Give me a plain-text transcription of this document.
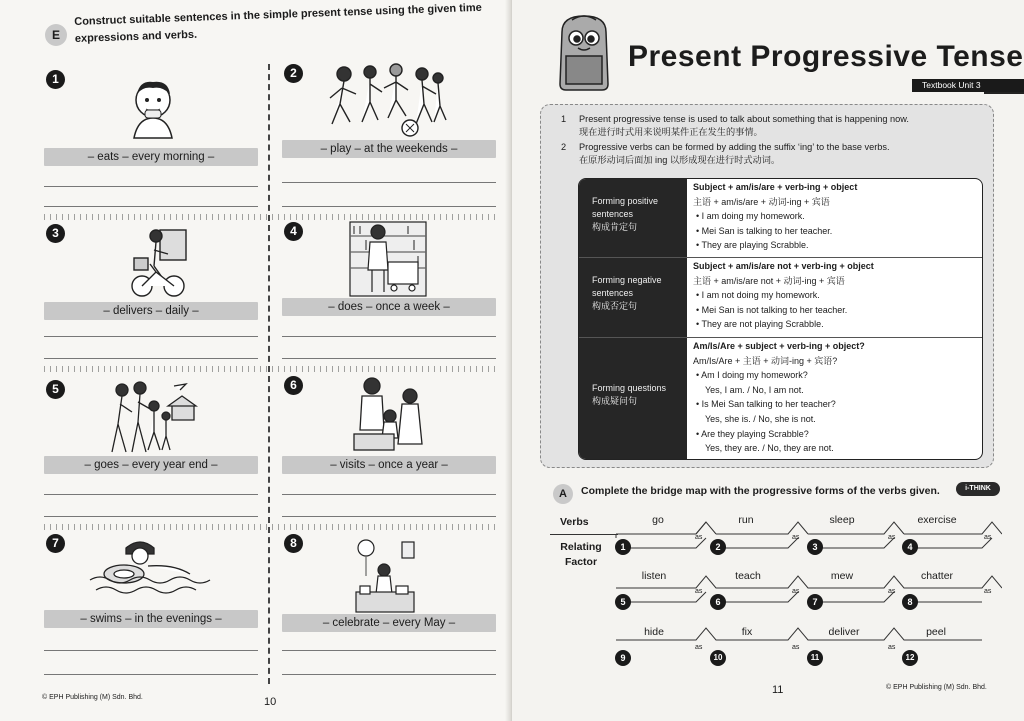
E
Construct suitable sentences in the simple present tense using the given time expressions and verbs.
1
– eats – every morning –
2
– play – at the weekends –
3
– delivers – daily –
4
– does – once a week –
5
– goes – every year end –
6
– visits – once a year –
7
– swims – in the evenings –
8
– celebrate – every May –
© EPH Publishing (M) Sdn. Bhd.	10
Present Progressive Tense
Textbook Unit 3
1 Present progressive tense is used to talk about something that is happening now.
现在进行时式用来说明某件正在发生的事情。
2 Progressive verbs can be formed by adding the suffix ‘ing’ to the base verbs.
在原形动词后面加 ing 以形成现在进行时式动词。
Forming positive sentences
构成肯定句
Subject + am/is/are + verb-ing + object
主语 + am/is/are + 动词-ing + 宾语
• I am doing my homework.
• Mei San is talking to her teacher.
• They are playing Scrabble.
Forming negative sentences
构成否定句
Subject + am/is/are not + verb-ing + object
主语 + am/is/are not + 动词-ing + 宾语
• I am not doing my homework.
• Mei San is not talking to her teacher.
• They are not playing Scrabble.
Forming questions
构成疑问句
Am/Is/Are + subject + verb-ing + object?
Am/Is/Are + 主语 + 动词-ing + 宾语?
• Am I doing my homework?
Yes, I am. / No, I am not.
• Is Mei San talking to her teacher?
Yes, she is. / No, she is not.
• Are they playing Scrabble?
Yes, they are. / No, they are not.
A	Complete the bridge map with the progressive forms of the verbs given.	i-THINK
Verbs
Relating Factor
go	run	sleep	exercise
1	2	3	4
as	as	as	as
listen	teach	mew	chatter
5	6	7	8
as	as	as	as
hide	fix	deliver	peel
9	10	11	12
as	as	as
11	© EPH Publishing (M) Sdn. Bhd.
